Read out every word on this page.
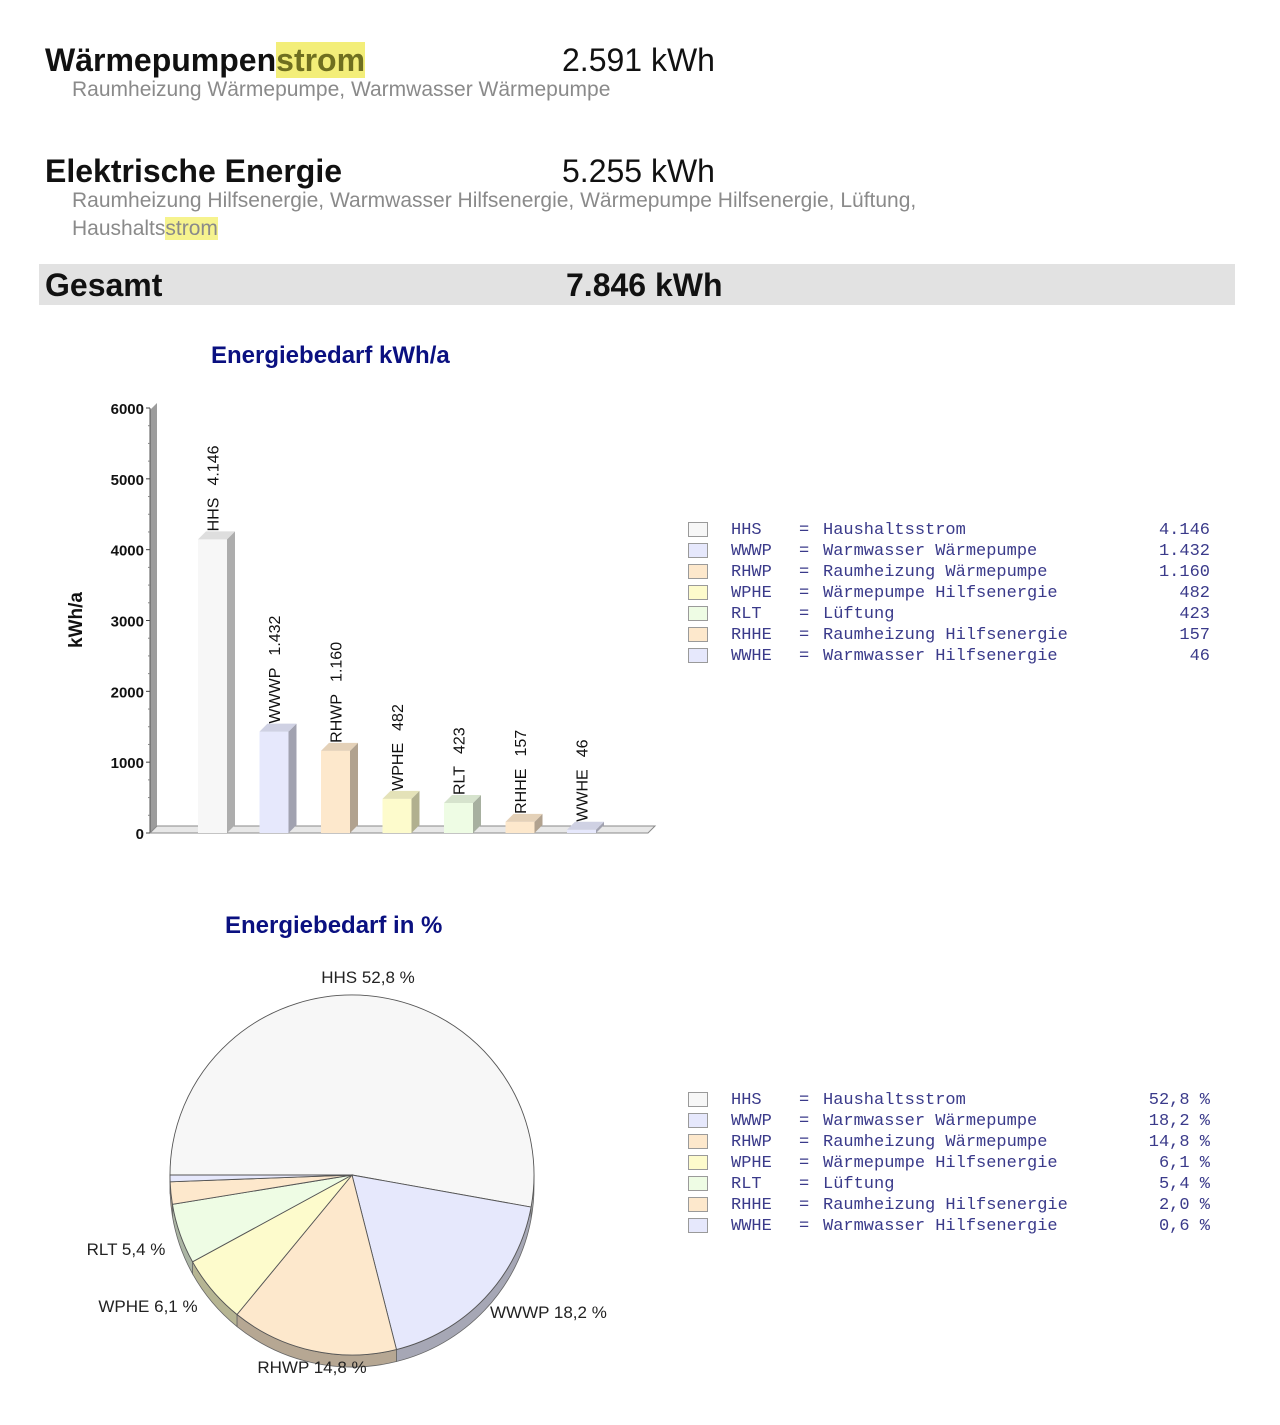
Wärmepumpenstrom	2.591 kWh
Raumheizung Wärmepumpe, Warmwasser Wärmepumpe
Elektrische Energie	5.255 kWh
Raumheizung Hilfsenergie, Warmwasser Hilfsenergie, Wärmepumpe Hilfsenergie, Lüftung,
Haushaltsstrom
Gesamt	7.846 kWh
Energiebedarf kWh/a
kWh/a
0
1000
2000
3000
4000
5000
6000
HHS4.146
WWWP1.432
RHWP1.160
WPHE482
RLT423
RHHE157
WWHE46
HHS = Haushaltsstrom	4.146
WWWP = Warmwasser Wärmepumpe	1.432
RHWP = Raumheizung Wärmepumpe	1.160
WPHE = Wärmepumpe Hilfsenergie	482
RLT = Lüftung	423
RHHE = Raumheizung Hilfsenergie	157
WWHE = Warmwasser Hilfsenergie	46
Energiebedarf in %
HHS 52,8 %
WWWP 18,2 %
RHWP 14,8 %
WPHE 6,1 %
RLT 5,4 %
HHS = Haushaltsstrom	52,8 %
WWWP = Warmwasser Wärmepumpe	18,2 %
RHWP = Raumheizung Wärmepumpe	14,8 %
WPHE = Wärmepumpe Hilfsenergie	6,1 %
RLT = Lüftung	5,4 %
RHHE = Raumheizung Hilfsenergie	2,0 %
WWHE = Warmwasser Hilfsenergie	0,6 %
